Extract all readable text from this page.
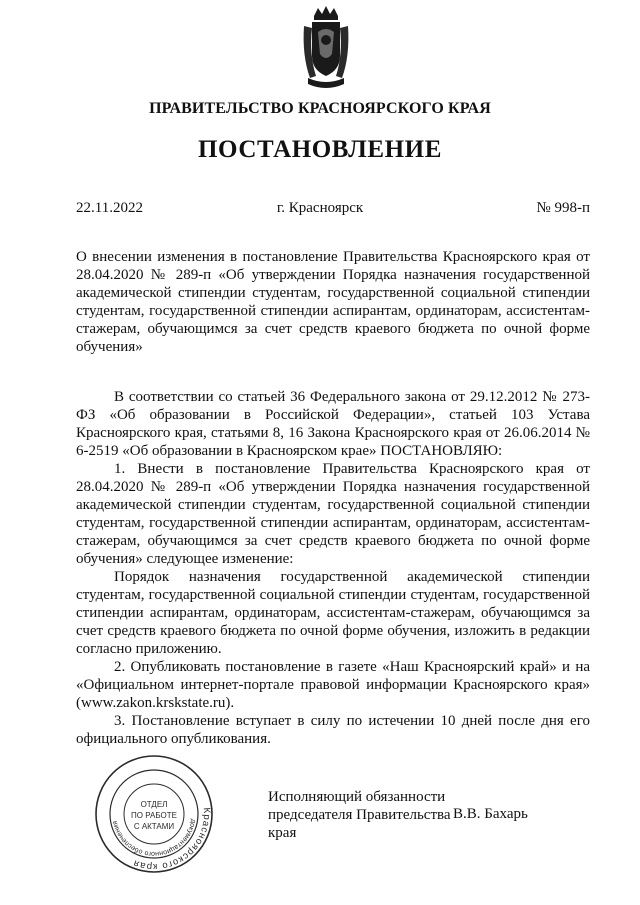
ПРАВИТЕЛЬСТВО КРАСНОЯРСКОГО КРАЯ
ПОСТАНОВЛЕНИЕ
22.11.2022	г. Красноярск	№ 998-п
О внесении изменения в постановление Правительства Красноярского края от 28.04.2020 № 289-п «Об утверждении Порядка назначения государственной академической стипендии студентам, государственной социальной стипендии студентам, государственной стипендии аспирантам, ординаторам, ассистентам-стажерам, обучающимся за счет средств краевого бюджета по очной форме обучения»

В соответствии со статьей 36 Федерального закона от 29.12.2012 № 273-ФЗ «Об образовании в Российской Федерации», статьей 103 Устава Красноярского края, статьями 8, 16 Закона Красноярского края от 26.06.2014 № 6-2519 «Об образовании в Красноярском крае» ПОСТАНОВЛЯЮ:

1. Внести в постановление Правительства Красноярского края от 28.04.2020 № 289-п «Об утверждении Порядка назначения государственной академической стипендии студентам, государственной социальной стипендии студентам, государственной стипендии аспирантам, ординаторам, ассистентам-стажерам, обучающимся за счет средств краевого бюджета по очной форме обучения» следующее изменение:

Порядок назначения государственной академической стипендии студентам, государственной социальной стипендии студентам, государственной стипендии аспирантам, ординаторам, ассистентам-стажерам, обучающимся за счет средств краевого бюджета по очной форме обучения, изложить в редакции согласно приложению.

2. Опубликовать постановление в газете «Наш Красноярский край» и на «Официальном интернет-портале правовой информации Красноярского края» (www.zakon.krskstate.ru).

3. Постановление вступает в силу по истечении 10 дней после дня его официального опубликования.

Красноярского края
документационного обеспечения
ОТДЕЛ
ПО РАБОТЕ
С АКТАМИ
Исполняющий обязанности председателя Правительства края
В.В. Бахарь
